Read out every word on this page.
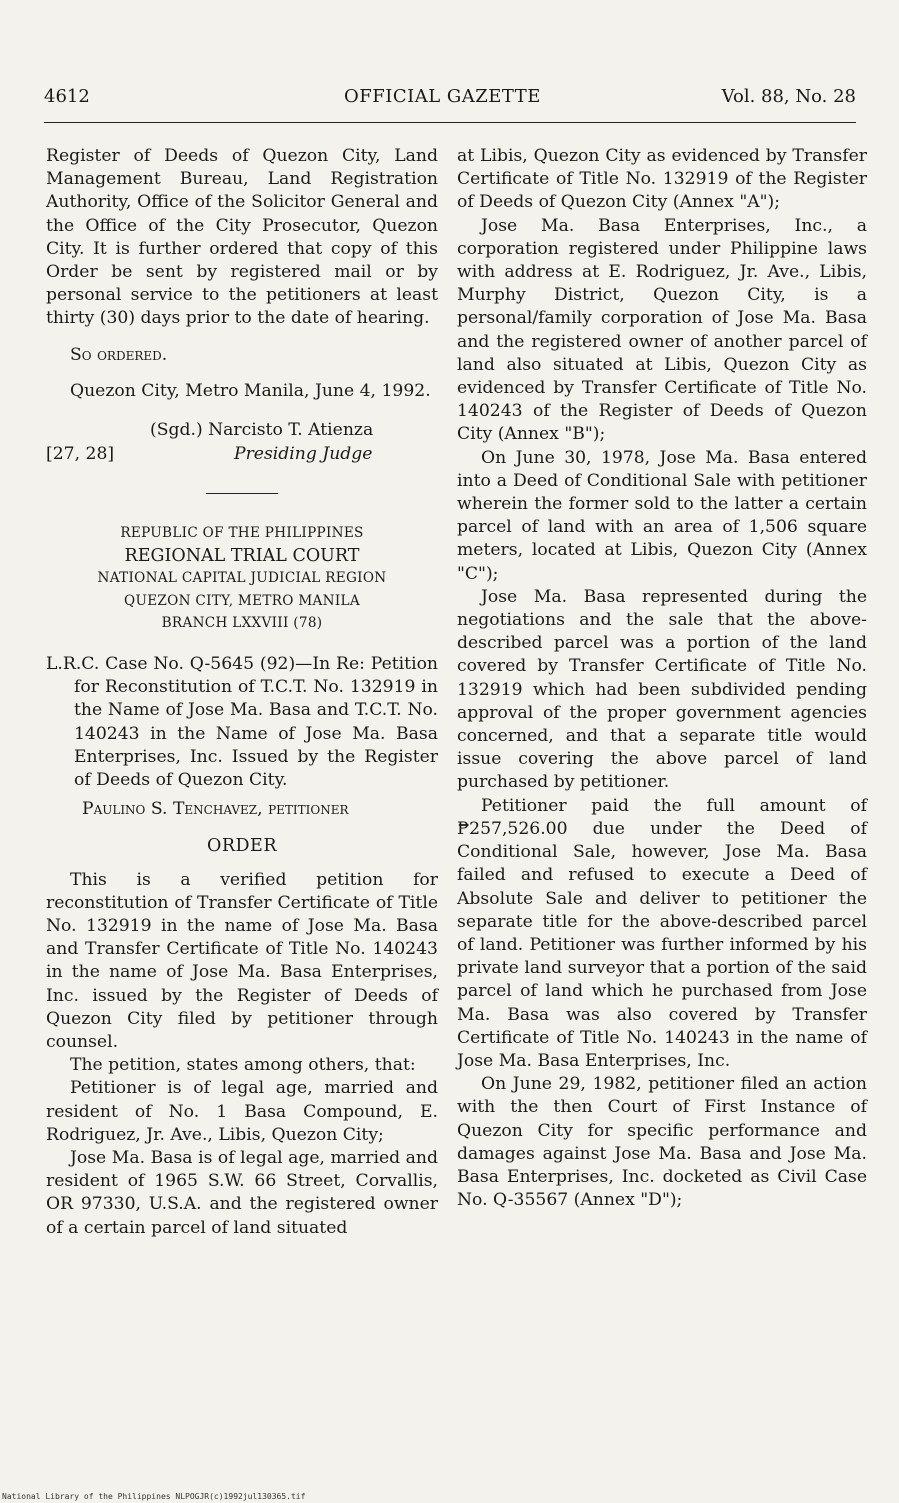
4612	OFFICIAL GAZETTE	Vol. 88, No. 28

Register of Deeds of Quezon City, Land Management Bureau, Land Registration Authority, Office of the Solicitor General and the Office of the City Prosecutor, Quezon City. It is further ordered that copy of this Order be sent by registered mail or by personal service to the petitioners at least thirty (30) days prior to the date of hearing.

So ordered.

Quezon City, Metro Manila, June 4, 1992.

(Sgd.) Narcisto T. Atienza
[27, 28]	Presiding Judge
REPUBLIC OF THE PHILIPPINES
REGIONAL TRIAL COURT
NATIONAL CAPITAL JUDICIAL REGION
QUEZON CITY, METRO MANILA
BRANCH LXXVIII (78)

L.R.C. Case No. Q-5645 (92)—In Re: Petition for Reconstitution of T.C.T. No. 132919 in the Name of Jose Ma. Basa and T.C.T. No. 140243 in the Name of Jose Ma. Basa Enterprises, Inc. Issued by the Register of Deeds of Quezon City.

Paulino S. Tenchavez, petitioner

ORDER

This is a verified petition for reconstitution of Transfer Certificate of Title No. 132919 in the name of Jose Ma. Basa and Transfer Certificate of Title No. 140243 in the name of Jose Ma. Basa Enterprises, Inc. issued by the Register of Deeds of Quezon City filed by petitioner through counsel.

The petition, states among others, that:

Petitioner is of legal age, married and resident of No. 1 Basa Compound, E. Rodriguez, Jr. Ave., Libis, Quezon City;

Jose Ma. Basa is of legal age, married and resident of 1965 S.W. 66 Street, Corvallis, OR 97330, U.S.A. and the registered owner of a certain parcel of land situated

at Libis, Quezon City as evidenced by Transfer Certificate of Title No. 132919 of the Register of Deeds of Quezon City (Annex "A");

Jose Ma. Basa Enterprises, Inc., a corporation registered under Philippine laws with address at E. Rodriguez, Jr. Ave., Libis, Murphy District, Quezon City, is a personal/family corporation of Jose Ma. Basa and the registered owner of another parcel of land also situated at Libis, Quezon City as evidenced by Transfer Certificate of Title No. 140243 of the Register of Deeds of Quezon City (Annex "B");

On June 30, 1978, Jose Ma. Basa entered into a Deed of Conditional Sale with petitioner wherein the former sold to the latter a certain parcel of land with an area of 1,506 square meters, located at Libis, Quezon City (Annex "C");

Jose Ma. Basa represented during the negotiations and the sale that the above-described parcel was a portion of the land covered by Transfer Certificate of Title No. 132919 which had been subdivided pending approval of the proper government agencies concerned, and that a separate title would issue covering the above parcel of land purchased by petitioner.

Petitioner paid the full amount of ₱257,526.00 due under the Deed of Conditional Sale, however, Jose Ma. Basa failed and refused to execute a Deed of Absolute Sale and deliver to petitioner the separate title for the above-described parcel of land. Petitioner was further informed by his private land surveyor that a portion of the said parcel of land which he purchased from Jose Ma. Basa was also covered by Transfer Certificate of Title No. 140243 in the name of Jose Ma. Basa Enterprises, Inc.

On June 29, 1982, petitioner filed an action with the then Court of First Instance of Quezon City for specific performance and damages against Jose Ma. Basa and Jose Ma. Basa Enterprises, Inc. docketed as Civil Case No. Q-35567 (Annex "D");

National Library of the Philippines NLPOGJR(c)1992jul130365.tif
